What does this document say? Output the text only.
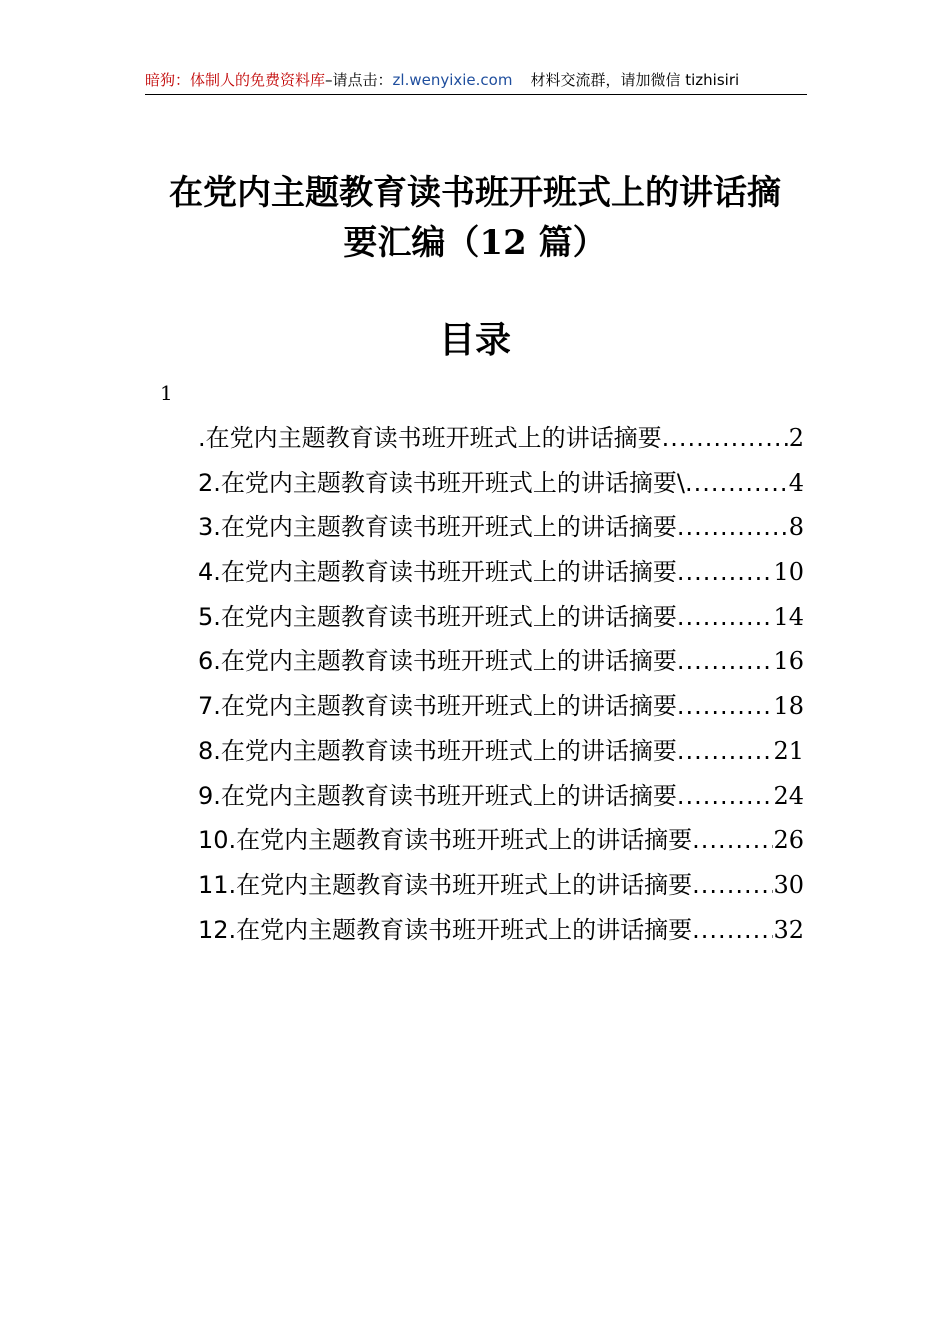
暗狗：体制人的免费资料库–请点击：zl.wenyixie.com 材料交流群，请加微信 tizhisiri
在党内主题教育读书班开班式上的讲话摘
要汇编（12 篇）
目录
1
.在党内主题教育读书班开班式上的讲话摘要 .....	2
2.在党内主题教育读书班开班式上的讲话摘要\ .....	4
3.在党内主题教育读书班开班式上的讲话摘要 .....	8
4.在党内主题教育读书班开班式上的讲话摘要 .....	10
5.在党内主题教育读书班开班式上的讲话摘要 .....	14
6.在党内主题教育读书班开班式上的讲话摘要 .....	16
7.在党内主题教育读书班开班式上的讲话摘要 .....	18
8.在党内主题教育读书班开班式上的讲话摘要 .....	21
9.在党内主题教育读书班开班式上的讲话摘要 .....	24
10.在党内主题教育读书班开班式上的讲话摘要 .....	26
11.在党内主题教育读书班开班式上的讲话摘要 .....	30
12.在党内主题教育读书班开班式上的讲话摘要 .....	32
